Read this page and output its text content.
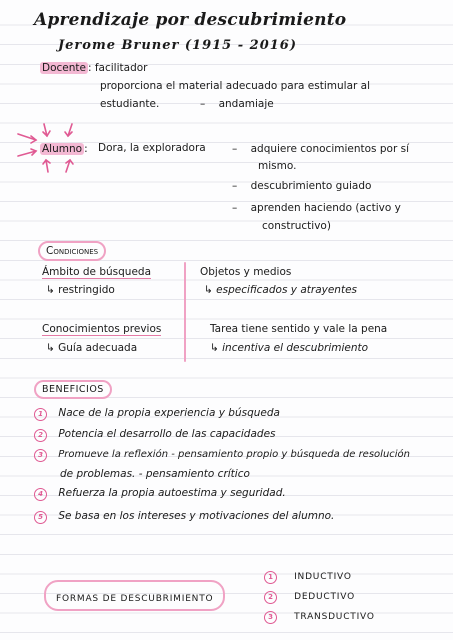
Aprendizaje por descubrimiento
Jerome Bruner (1915 - 2016)
Docente : facilitador
proporciona el material adecuado para estimular al
estudiante.	– andamiaje
Alumno : Dora, la exploradora	– adquiere conocimientos por sí
mismo.
– descubrimiento guiado
– aprenden haciendo (activo y
constructivo)
Condiciones
Ámbito de búsqueda
↳ restringido
Conocimientos previos
↳ Guía adecuada
Objetos y medios
↳ especificados y atrayentes
Tarea tiene sentido y vale la pena
↳ incentiva el descubrimiento
BENEFICIOS
1 Nace de la propia experiencia y búsqueda
2 Potencia el desarrollo de las capacidades
3 Promueve la reflexión - pensamiento propio y búsqueda de resolución
de problemas. - pensamiento crítico
4 Refuerza la propia autoestima y seguridad.
5 Se basa en los intereses y motivaciones del alumno.
FORMAS DE DESCUBRIMIENTO
1 INDUCTIVO
2 DEDUCTIVO
3 TRANSDUCTIVO
